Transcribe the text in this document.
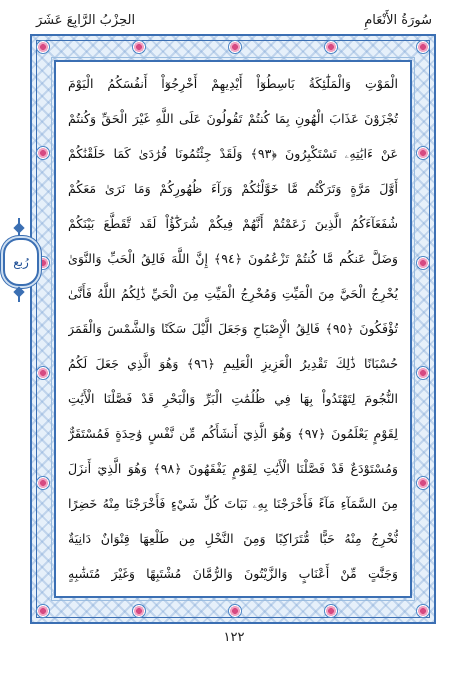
الحِزْبُ الرَّابِعَ عَشَرَ	سُورَةُ الأَنْعَامِ
الْمَوْتِ وَالْمَلَٰٓئِكَةُ بَاسِطُوٓاْ أَيْدِيهِمْ أَخْرِجُوٓاْ أَنفُسَكُمُ الْيَوْمَ
تُجْزَوْنَ عَذَابَ الْهُونِ بِمَا كُنتُمْ تَقُولُونَ عَلَى اللَّهِ غَيْرَ الْحَقِّ وَكُنتُمْ
عَنْ ءَايَٰتِهِۦ تَسْتَكْبِرُونَ ﴿٩٣﴾ وَلَقَدْ جِئْتُمُونَا فُرَٰدَىٰ كَمَا خَلَقْنَٰكُمْ
أَوَّلَ مَرَّةٍ وَتَرَكْتُم مَّا خَوَّلْنَٰكُمْ وَرَآءَ ظُهُورِكُمْ وَمَا نَرَىٰ مَعَكُمْ
شُفَعَآءَكُمُ الَّذِينَ زَعَمْتُمْ أَنَّهُمْ فِيكُمْ شُرَكَٰٓؤُاْ لَقَد تَّقَطَّعَ بَيْنَكُمْ
وَضَلَّ عَنكُم مَّا كُنتُمْ تَزْعُمُونَ ﴿٩٤﴾ إِنَّ اللَّهَ فَالِقُ الْحَبِّ وَالنَّوَىٰ
يُخْرِجُ الْحَيَّ مِنَ الْمَيِّتِ وَمُخْرِجُ الْمَيِّتِ مِنَ الْحَيِّ ذَٰلِكُمُ اللَّهُ فَأَنَّىٰ
تُؤْفَكُونَ ﴿٩٥﴾ فَالِقُ الْإِصْبَاحِ وَجَعَلَ الَّيْلَ سَكَنًا وَالشَّمْسَ وَالْقَمَرَ
حُسْبَانًا ذَٰلِكَ تَقْدِيرُ الْعَزِيزِ الْعَلِيمِ ﴿٩٦﴾ وَهُوَ الَّذِي جَعَلَ لَكُمُ
النُّجُومَ لِتَهْتَدُواْ بِهَا فِي ظُلُمَٰتِ الْبَرِّ وَالْبَحْرِ قَدْ فَصَّلْنَا الْأَيَٰتِ
لِقَوْمٍ يَعْلَمُونَ ﴿٩٧﴾ وَهُوَ الَّذِيٓ أَنشَأَكُم مِّن نَّفْسٍ وَٰحِدَةٍ فَمُسْتَقَرٌّ
وَمُسْتَوْدَعٌ قَدْ فَصَّلْنَا الْأَيَٰتِ لِقَوْمٍ يَفْقَهُونَ ﴿٩٨﴾ وَهُوَ الَّذِيٓ أَنزَلَ
مِنَ السَّمَآءِ مَآءً فَأَخْرَجْنَا بِهِۦ نَبَاتَ كُلِّ شَيْءٍ فَأَخْرَجْنَا مِنْهُ خَضِرًا
نُّخْرِجُ مِنْهُ حَبًّا مُّتَرَاكِبًا وَمِنَ النَّخْلِ مِن طَلْعِهَا قِنْوَانٌ دَانِيَةٌ
وَجَنَّٰتٍ مِّنْ أَعْنَابٍ وَالزَّيْتُونَ وَالرُّمَّانَ مُشْتَبِهًا وَغَيْرَ مُتَشَٰبِهٍ
رُبع
١٢٢
